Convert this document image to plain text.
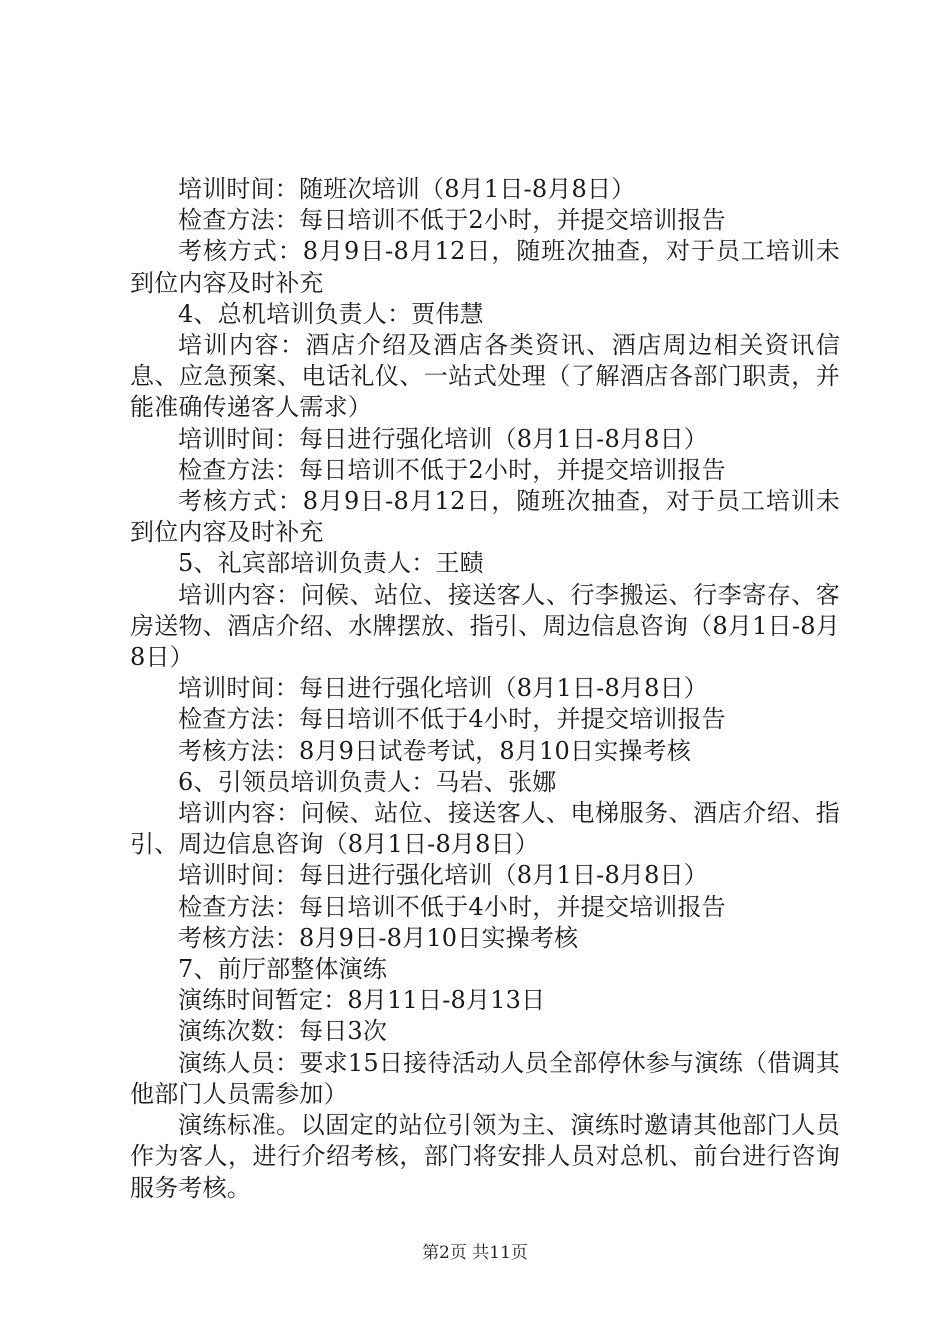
培训时间：随班次培训（8月1日-8月8日）

检查方法：每日培训不低于2小时，并提交培训报告

考核方式：8月9日-8月12日，随班次抽查，对于员工培训未到位内容及时补充

4、总机培训负责人：贾伟慧

培训内容：酒店介绍及酒店各类资讯、酒店周边相关资讯信息、应急预案、电话礼仪、一站式处理（了解酒店各部门职责，并能准确传递客人需求）

培训时间：每日进行强化培训（8月1日-8月8日）

检查方法：每日培训不低于2小时，并提交培训报告

考核方式：8月9日-8月12日，随班次抽查，对于员工培训未到位内容及时补充

5、礼宾部培训负责人：王赜

培训内容：问候、站位、接送客人、行李搬运、行李寄存、客房送物、酒店介绍、水牌摆放、指引、周边信息咨询（8月1日-8月8日）

培训时间：每日进行强化培训（8月1日-8月8日）

检查方法：每日培训不低于4小时，并提交培训报告

考核方法：8月9日试卷考试，8月10日实操考核

6、引领员培训负责人：马岩、张娜

培训内容：问候、站位、接送客人、电梯服务、酒店介绍、指引、周边信息咨询（8月1日-8月8日）

培训时间：每日进行强化培训（8月1日-8月8日）

检查方法：每日培训不低于4小时，并提交培训报告

考核方法：8月9日-8月10日实操考核

7、前厅部整体演练

演练时间暂定：8月11日-8月13日

演练次数：每日3次

演练人员：要求15日接待活动人员全部停休参与演练（借调其他部门人员需参加）

演练标准。以固定的站位引领为主、演练时邀请其他部门人员作为客人，进行介绍考核，部门将安排人员对总机、前台进行咨询服务考核。

第2页 共11页
